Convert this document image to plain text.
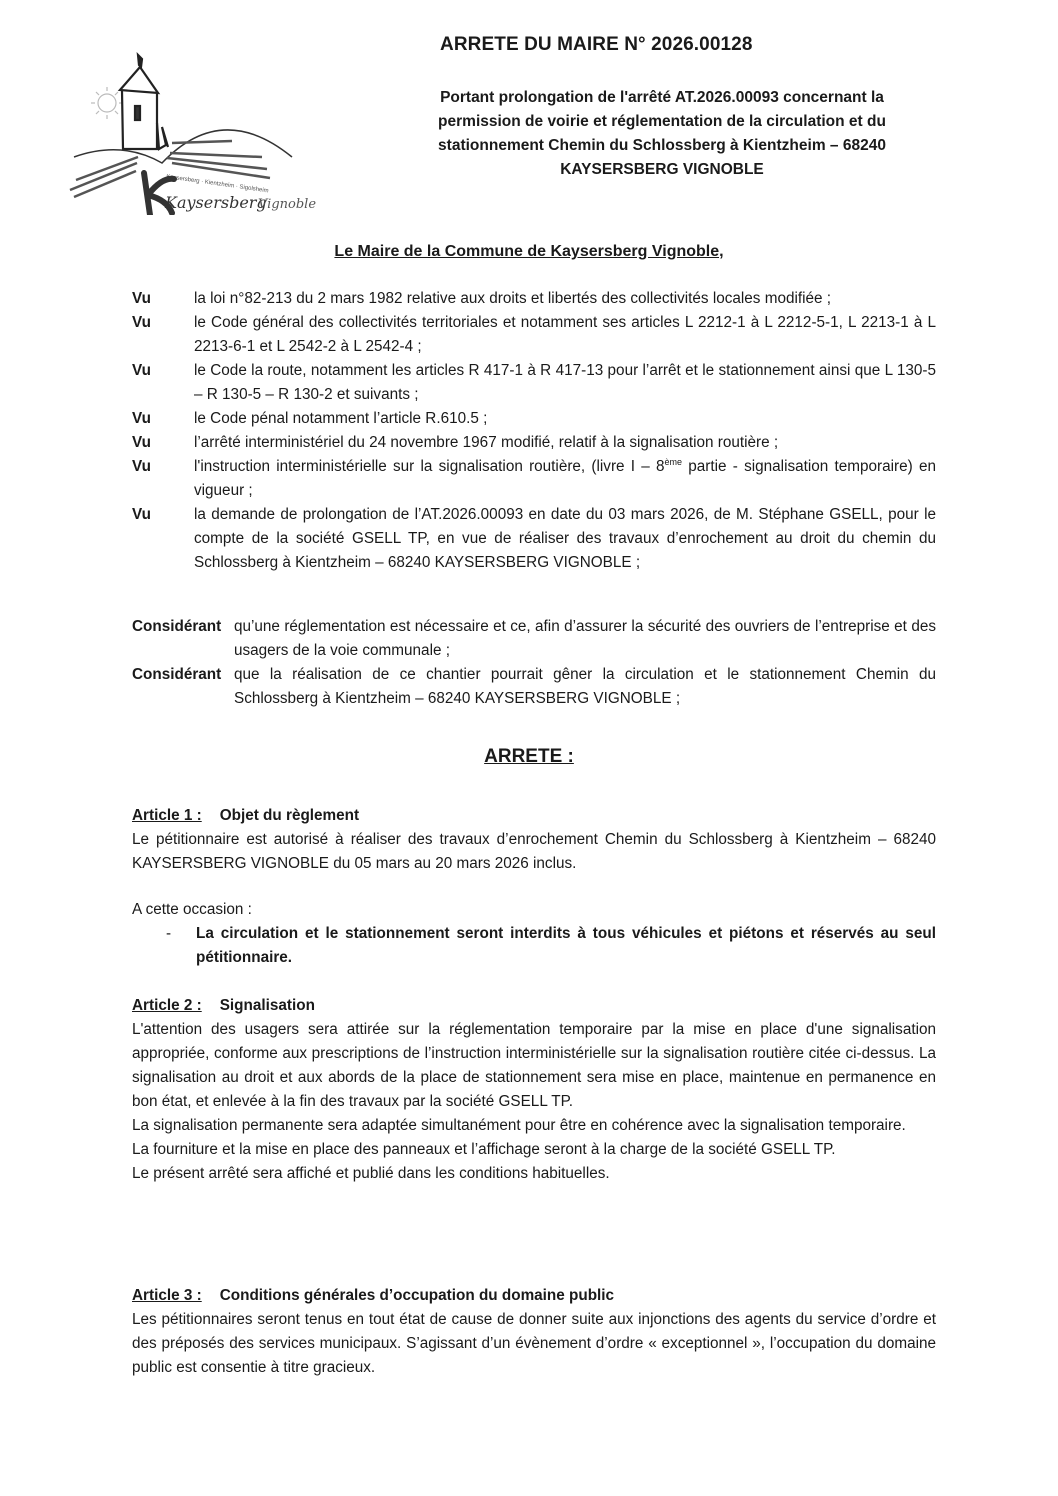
Kaysersberg · Kientzheim · Sigolsheim
Kaysersberg
Vignoble
ARRETE DU MAIRE N° 2026.00128
Portant prolongation de l'arrêté AT.2026.00093 concernant la
permission de voirie et réglementation de la circulation et du
stationnement Chemin du Schlossberg à Kientzheim – 68240
KAYSERSBERG VIGNOBLE
Le Maire de la Commune de Kaysersberg Vignoble,
Vu	la loi n°82-213 du 2 mars 1982 relative aux droits et libertés des collectivités locales modifiée ;
Vu	le Code général des collectivités territoriales et notamment ses articles L 2212-1 à L 2212-5-1, L 2213-1 à L 2213-6-1 et L 2542-2 à L 2542-4 ;
Vu	le Code la route, notamment les articles R 417-1 à R 417-13 pour l’arrêt et le stationnement ainsi que L 130-5 – R 130-5 – R 130-2 et suivants ;
Vu	le Code pénal notamment l’article R.610.5 ;
Vu	l’arrêté interministériel du 24 novembre 1967 modifié, relatif à la signalisation routière ;
Vu	l'instruction interministérielle sur la signalisation routière, (livre I – 8ème partie - signalisation temporaire) en vigueur ;
Vu	la demande de prolongation de l’AT.2026.00093 en date du 03 mars 2026, de M. Stéphane GSELL, pour le compte de la société GSELL TP, en vue de réaliser des travaux d’enrochement au droit du chemin du Schlossberg à Kientzheim – 68240 KAYSERSBERG VIGNOBLE ;
Considérant qu’une réglementation est nécessaire et ce, afin d’assurer la sécurité des ouvriers de l’entreprise et des usagers de la voie communale ;
Considérant que la réalisation de ce chantier pourrait gêner la circulation et le stationnement Chemin du Schlossberg à Kientzheim – 68240 KAYSERSBERG VIGNOBLE ;
ARRETE :
Article 1 : Objet du règlement
Le pétitionnaire est autorisé à réaliser des travaux d’enrochement Chemin du Schlossberg à Kientzheim – 68240 KAYSERSBERG VIGNOBLE du 05 mars au 20 mars 2026 inclus.
A cette occasion :
-	La circulation et le stationnement seront interdits à tous véhicules et piétons et réservés au seul pétitionnaire.
Article 2 : Signalisation
L'attention des usagers sera attirée sur la réglementation temporaire par la mise en place d'une signalisation appropriée, conforme aux prescriptions de l’instruction interministérielle sur la signalisation routière citée ci-dessus. La signalisation au droit et aux abords de la place de stationnement sera mise en place, maintenue en permanence en bon état, et enlevée à la fin des travaux par la société GSELL TP.
La signalisation permanente sera adaptée simultanément pour être en cohérence avec la signalisation temporaire.
La fourniture et la mise en place des panneaux et l’affichage seront à la charge de la société GSELL TP.
Le présent arrêté sera affiché et publié dans les conditions habituelles.
Article 3 : Conditions générales d’occupation du domaine public
Les pétitionnaires seront tenus en tout état de cause de donner suite aux injonctions des agents du service d’ordre et des préposés des services municipaux. S’agissant d’un évènement d’ordre « exceptionnel », l’occupation du domaine public est consentie à titre gracieux.
